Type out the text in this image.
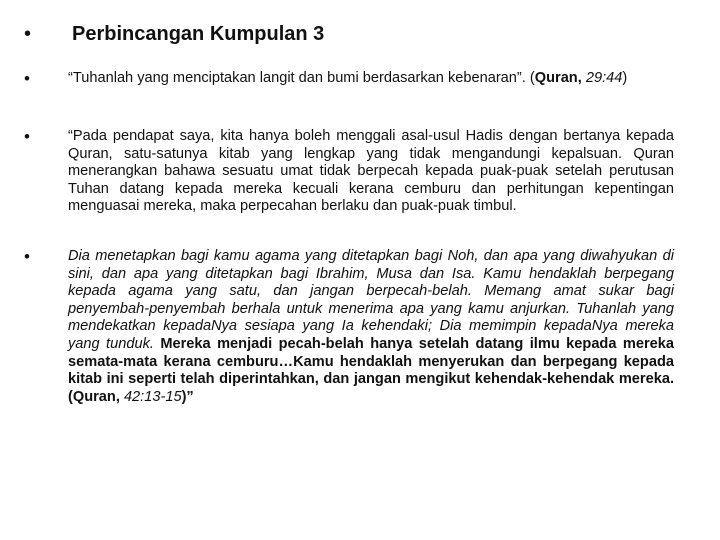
•	Perbincangan Kumpulan 3
•	“Tuhanlah yang menciptakan langit dan bumi berdasarkan kebenaran”. (Quran, 29:44)
•	“Pada pendapat saya, kita hanya boleh menggali asal-usul Hadis dengan bertanya kepada Quran, satu-satunya kitab yang lengkap yang tidak mengandungi kepalsuan. Quran menerangkan bahawa sesuatu umat tidak berpecah kepada puak-puak setelah perutusan Tuhan datang kepada mereka kecuali kerana cemburu dan perhitungan kepentingan menguasai mereka, maka perpecahan berlaku dan puak-puak timbul.
•	Dia menetapkan bagi kamu agama yang ditetapkan bagi Noh, dan apa yang diwahyukan di sini, dan apa yang ditetapkan bagi Ibrahim, Musa dan Isa. Kamu hendaklah berpegang kepada agama yang satu, dan jangan berpecah-belah. Memang amat sukar bagi penyembah-penyembah berhala untuk menerima apa yang kamu anjurkan. Tuhanlah yang mendekatkan kepadaNya sesiapa yang Ia kehendaki; Dia memimpin kepadaNya mereka yang tunduk. Mereka menjadi pecah-belah hanya setelah datang ilmu kepada mereka semata-mata kerana cemburu…Kamu hendaklah menyerukan dan berpegang kepada kitab ini seperti telah diperintahkan, dan jangan mengikut kehendak-kehendak mereka. (Quran, 42:13-15)”
